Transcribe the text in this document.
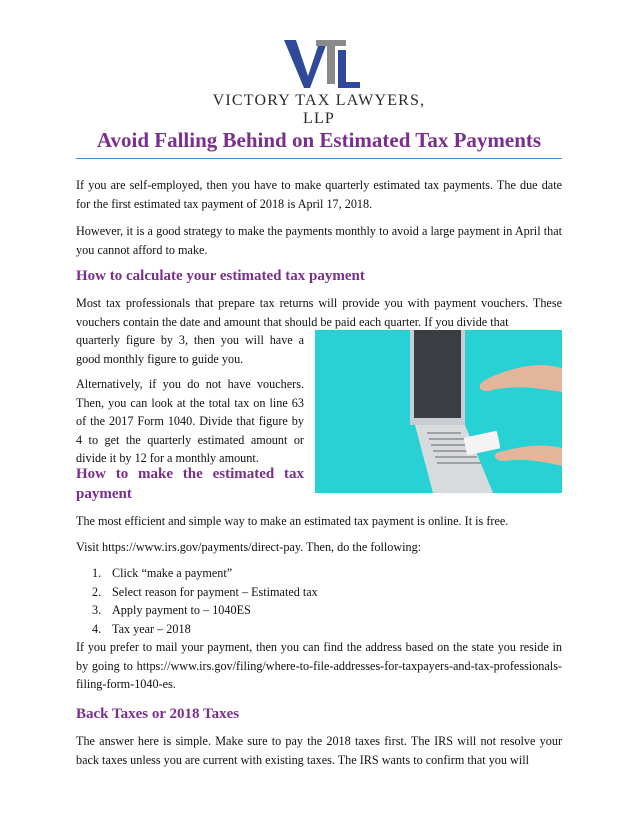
VICTORY TAX LAWYERS, LLP
Avoid Falling Behind on Estimated Tax Payments

If you are self-employed, then you have to make quarterly estimated tax payments. The due date for the first estimated tax payment of 2018 is April 17, 2018.

However, it is a good strategy to make the payments monthly to avoid a large payment in April that you cannot afford to make.

How to calculate your estimated tax payment

Most tax professionals that prepare tax returns will provide you with payment vouchers. These vouchers contain the date and amount that should be paid each quarter. If you divide that

quarterly figure by 3, then you will have a good monthly figure to guide you.

Alternatively, if you do not have vouchers. Then, you can look at the total tax on line 63 of the 2017 Form 1040. Divide that figure by 4 to get the quarterly estimated amount or divide it by 12 for a monthly amount.

How to make the estimated tax payment

The most efficient and simple way to make an estimated tax payment is online. It is free.

Visit https://www.irs.gov/payments/direct-pay. Then, do the following:

1. Click “make a payment”
2. Select reason for payment – Estimated tax
3. Apply payment to – 1040ES
4. Tax year – 2018

If you prefer to mail your payment, then you can find the address based on the state you reside in by going to https://www.irs.gov/filing/where-to-file-addresses-for-taxpayers-and-tax-professionals-filing-form-1040-es.

Back Taxes or 2018 Taxes

The answer here is simple. Make sure to pay the 2018 taxes first. The IRS will not resolve your back taxes unless you are current with existing taxes. The IRS wants to confirm that you will
